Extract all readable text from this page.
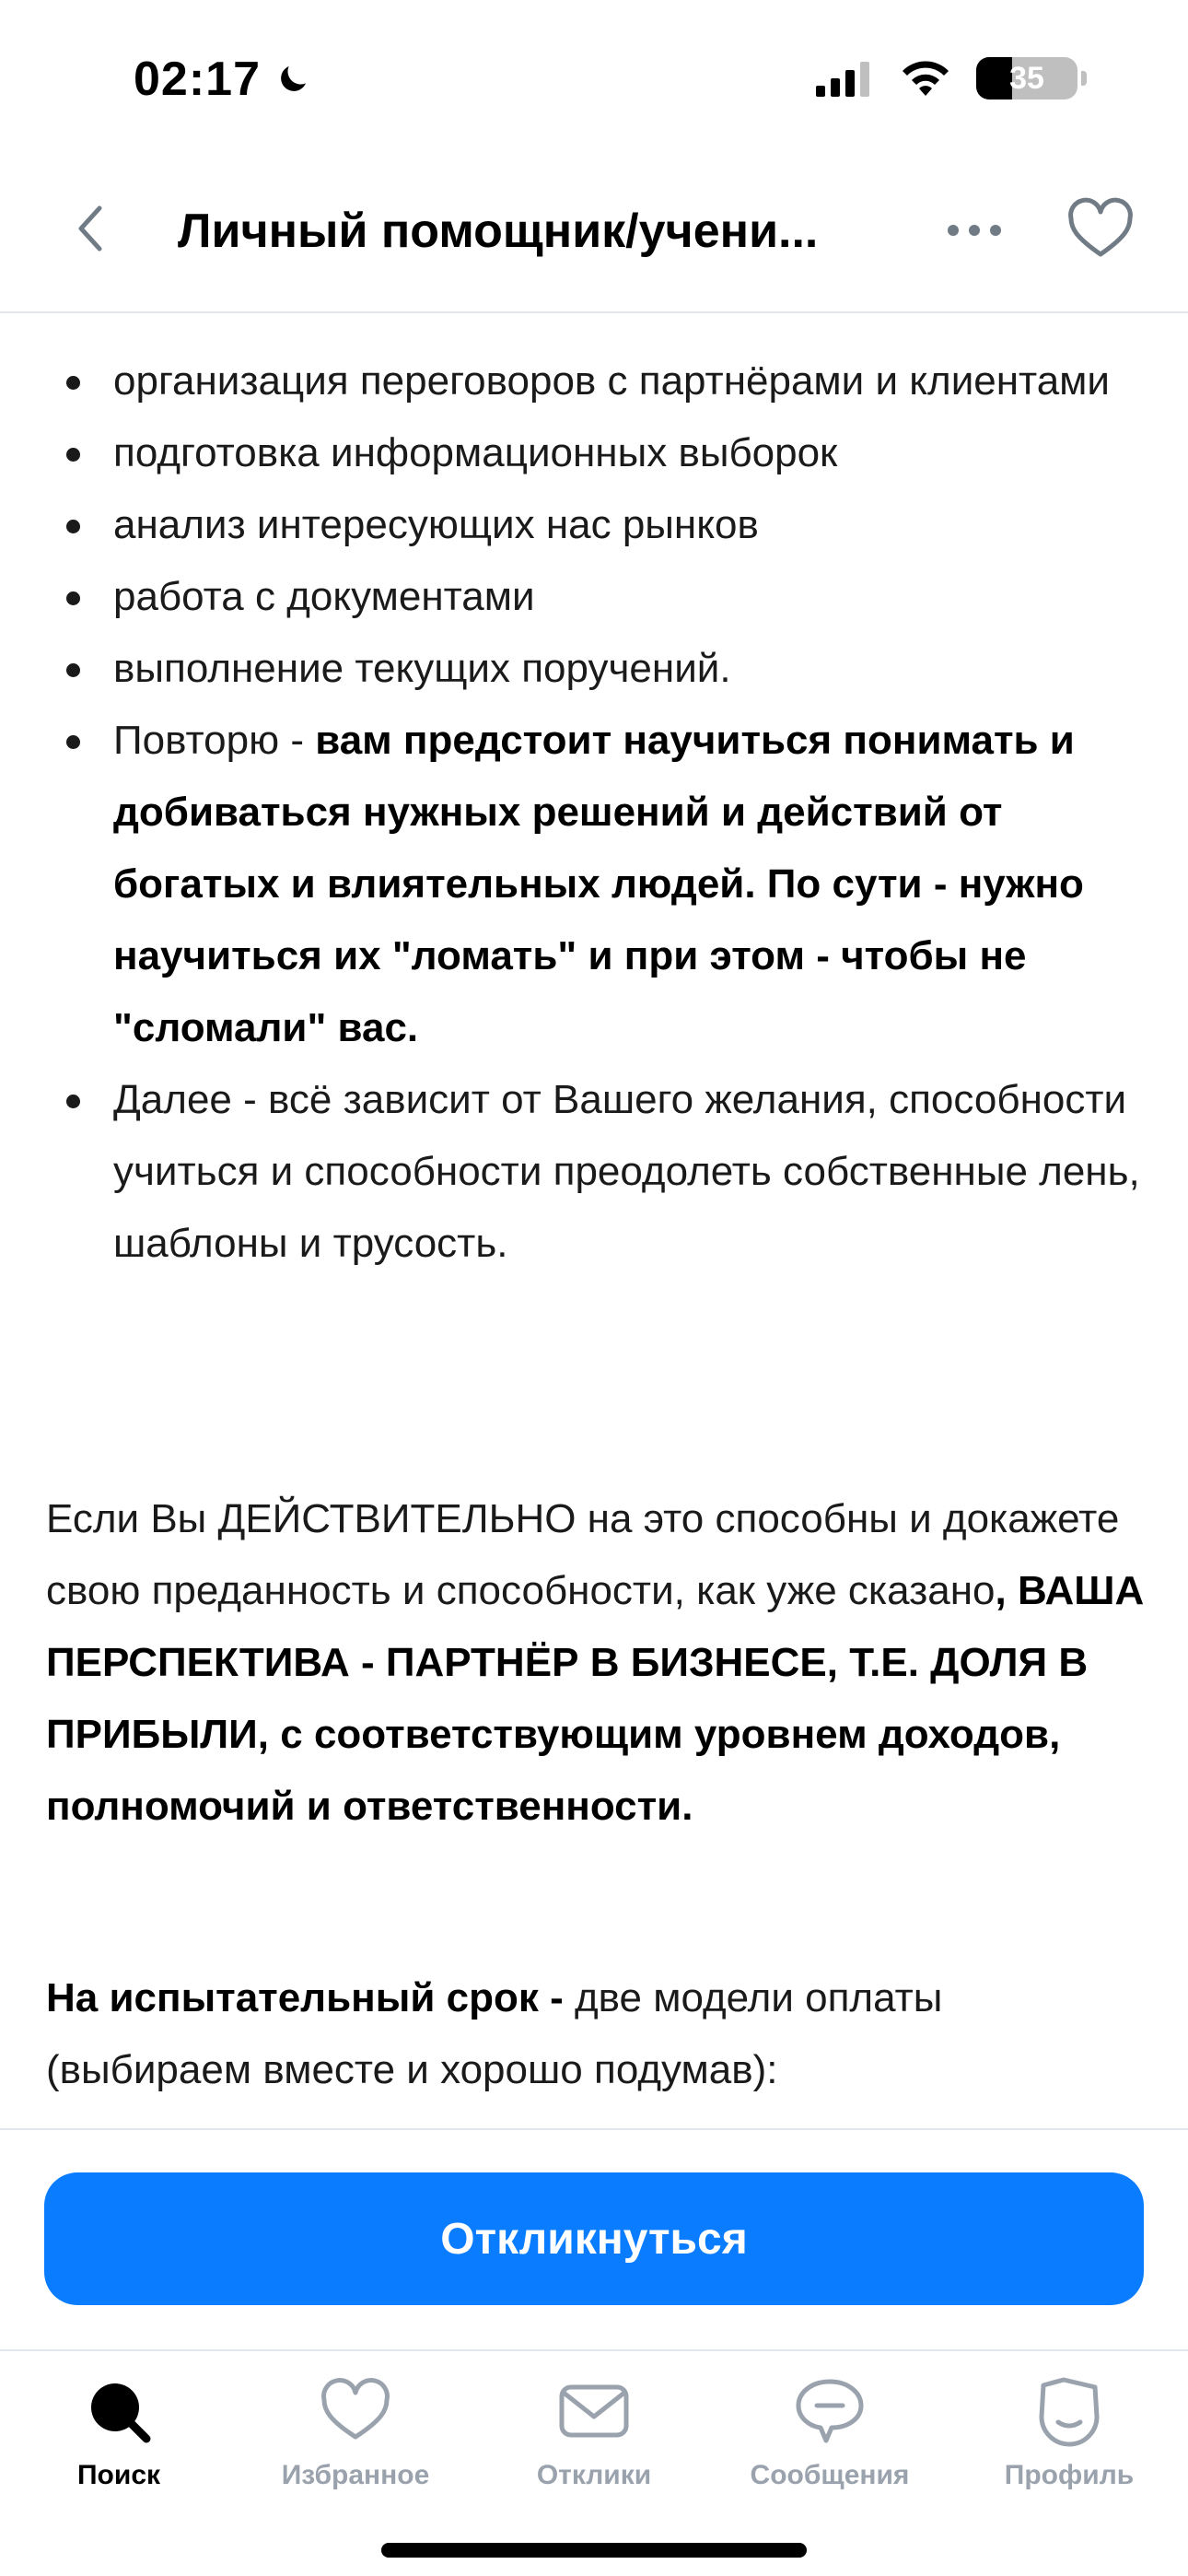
02:17	35
Личный помощник/учени...
организация переговоров с партнёрами и клиентами
подготовка информационных выборок
анализ интересующих нас рынков
работа с документами
выполнение текущих поручений.
Повторю - вам предстоит научиться понимать и добиваться нужных решений и действий от богатых и влиятельных людей. По сути - нужно научиться их "ломать" и при этом - чтобы не "сломали" вас.
Далее - всё зависит от Вашего желания, способности учиться и способности преодолеть собственные лень, шаблоны и трусость.

Если Вы ДЕЙСТВИТЕЛЬНО на это способны и докажете свою преданность и способности, как уже сказано, ВАША ПЕРСПЕКТИВА - ПАРТНЁР В БИЗНЕСЕ, Т.Е. ДОЛЯ В ПРИБЫЛИ, с соответствующим уровнем доходов, полномочий и ответственности.

На испытательный срок - две модели оплаты (выбираем вместе и хорошо подумав):

Откликнуться
Поиск	Избранное	Отклики	Сообщения	Профиль
